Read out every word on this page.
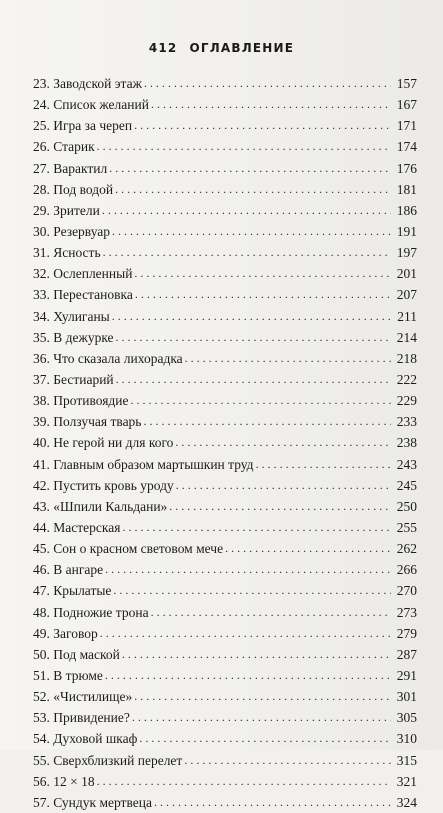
412 ОГЛАВЛЕНИЕ
23. Заводской этаж . . .	157
24. Список желаний . . .	167
25. Игра за череп . . .	171
26. Старик . . .	174
27. Варактил . . .	176
28. Под водой . . .	181
29. Зрители . . .	186
30. Резервуар . . .	191
31. Ясность . . .	197
32. Ослепленный . . .	201
33. Перестановка . . .	207
34. Хулиганы . . .	211
35. В дежурке . . .	214
36. Что сказала лихорадка . . .	218
37. Бестиарий . . .	222
38. Противоядие . . .	229
39. Ползучая тварь . . .	233
40. Не герой ни для кого . . .	238
41. Главным образом мартышкин труд . . .	243
42. Пустить кровь уроду . . .	245
43. «Шпили Кальдани» . . .	250
44. Мастерская . . .	255
45. Сон о красном световом мече . . .	262
46. В ангаре . . .	266
47. Крылатые . . .	270
48. Подножие трона . . .	273
49. Заговор . . .	279
50. Под маской . . .	287
51. В трюме . . .	291
52. «Чистилище» . . .	301
53. Привидение? . . .	305
54. Духовой шкаф . . .	310
55. Сверхблизкий перелет . . .	315
56. 12 × 18 . . .	321
57. Сундук мертвеца . . .	324
